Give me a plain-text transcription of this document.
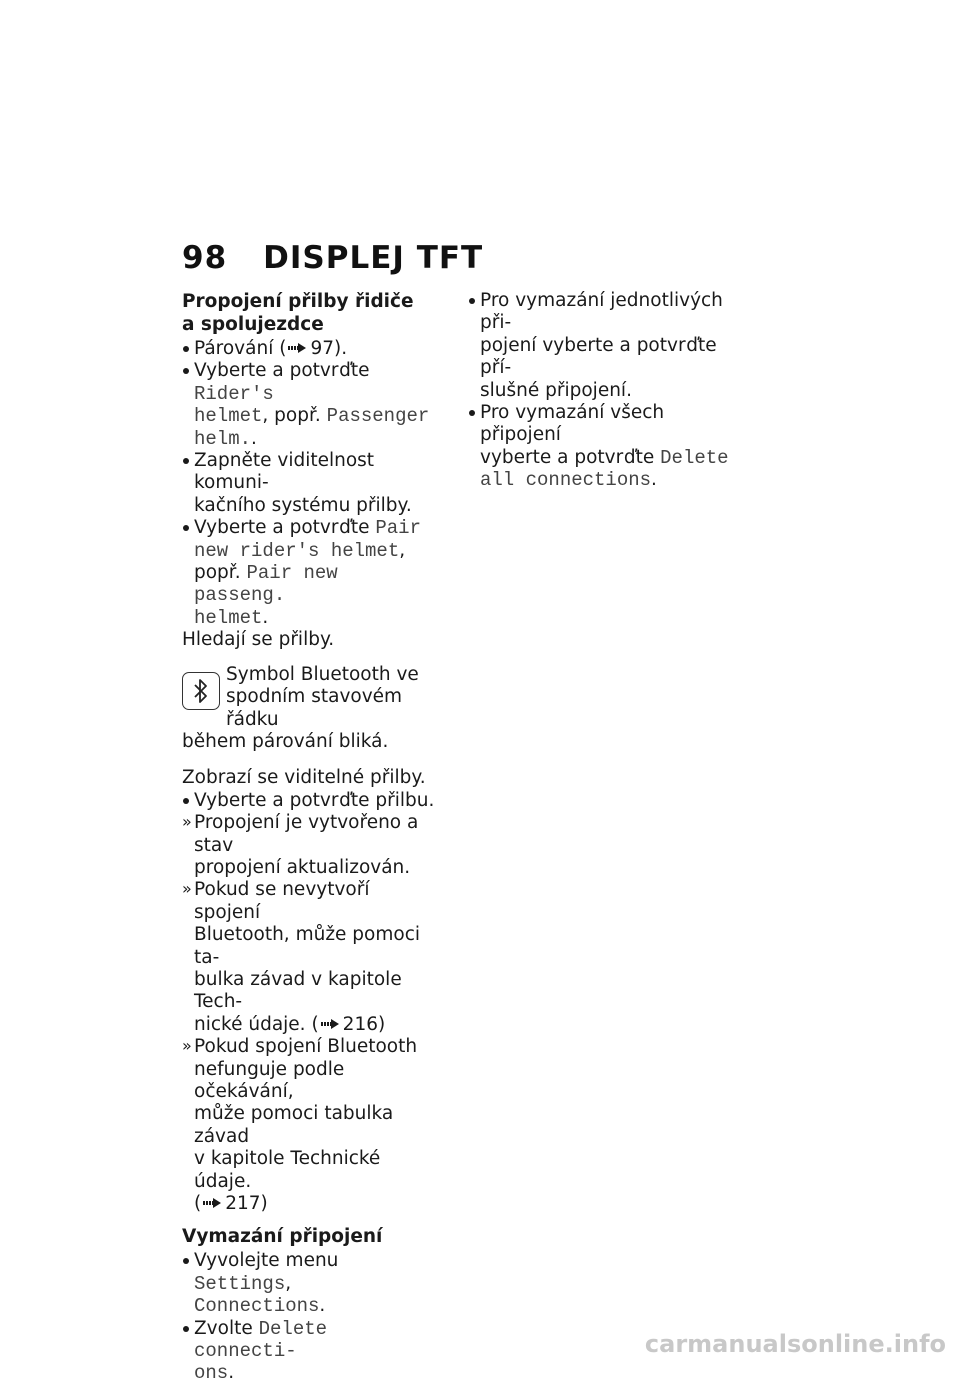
98 DISPLEJ TFT
Propojení přilby řidiče
a spolujezdce
Párování ( 97).
Vyberte a potvrďte Rider's
helmet, popř. Passenger
helm..
Zapněte viditelnost komuni-
kačního systému přilby.
Vyberte a potvrďte Pair
new rider's helmet,
popř. Pair new passeng.
helmet.

Hledají se přilby.

Symbol Bluetooth ve
spodním stavovém řádku

během párování bliká.

Zobrazí se viditelné přilby.

Vyberte a potvrďte přilbu.
Propojení je vytvořeno a stav
propojení aktualizován.
Pokud se nevytvoří spojení
Bluetooth, může pomoci ta-
bulka závad v kapitole Tech-
nické údaje. ( 216)
Pokud spojení Bluetooth
nefunguje podle očekávání,
může pomoci tabulka závad
v kapitole Technické údaje.
( 217)
Vymazání připojení
Vyvolejte menu Settings,
Connections.
Zvolte Delete connecti-
ons.
Pro vymazání jednotlivých při-
pojení vyberte a potvrďte pří-
slušné připojení.
Pro vymazání všech připojení
vyberte a potvrďte Delete
all connections.
carmanualsonline.info
